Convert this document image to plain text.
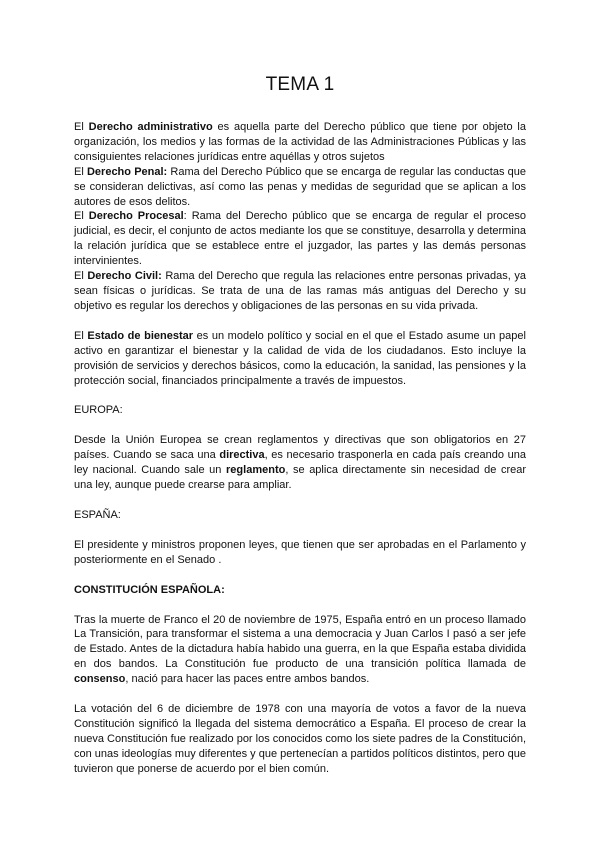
TEMA 1

El Derecho administrativo es aquella parte del Derecho público que tiene por objeto la organización, los medios y las formas de la actividad de las Administraciones Públicas y las consiguientes relaciones jurídicas entre aquéllas y otros sujetos

El Derecho Penal: Rama del Derecho Público que se encarga de regular las conductas que se consideran delictivas, así como las penas y medidas de seguridad que se aplican a los autores de esos delitos.

El Derecho Procesal: Rama del Derecho público que se encarga de regular el proceso judicial, es decir, el conjunto de actos mediante los que se constituye, desarrolla y determina la relación jurídica que se establece entre el juzgador, las partes y las demás personas intervinientes.

El Derecho Civil: Rama del Derecho que regula las relaciones entre personas privadas, ya sean físicas o jurídicas. Se trata de una de las ramas más antiguas del Derecho y su objetivo es regular los derechos y obligaciones de las personas en su vida privada.

El Estado de bienestar es un modelo político y social en el que el Estado asume un papel activo en garantizar el bienestar y la calidad de vida de los ciudadanos. Esto incluye la provisión de servicios y derechos básicos, como la educación, la sanidad, las pensiones y la protección social, financiados principalmente a través de impuestos.

EUROPA:

Desde la Unión Europea se crean reglamentos y directivas que son obligatorios en 27 países. Cuando se saca una directiva, es necesario trasponerla en cada país creando una ley nacional. Cuando sale un reglamento, se aplica directamente sin necesidad de crear una ley, aunque puede crearse para ampliar.

ESPAÑA:

El presidente y ministros proponen leyes, que tienen que ser aprobadas en el Parlamento y posteriormente en el Senado .

CONSTITUCIÓN ESPAÑOLA:

Tras la muerte de Franco el 20 de noviembre de 1975, España entró en un proceso llamado La Transición, para transformar el sistema a una democracia y Juan Carlos I pasó a ser jefe de Estado. Antes de la dictadura había habido una guerra, en la que España estaba dividida en dos bandos. La Constitución fue producto de una transición política llamada de consenso, nació para hacer las paces entre ambos bandos.

La votación del 6 de diciembre de 1978 con una mayoría de votos a favor de la nueva Constitución significó la llegada del sistema democrático a España. El proceso de crear la nueva Constitución fue realizado por los conocidos como los siete padres de la Constitución, con unas ideologías muy diferentes y que pertenecían a partidos políticos distintos, pero que tuvieron que ponerse de acuerdo por el bien común.
